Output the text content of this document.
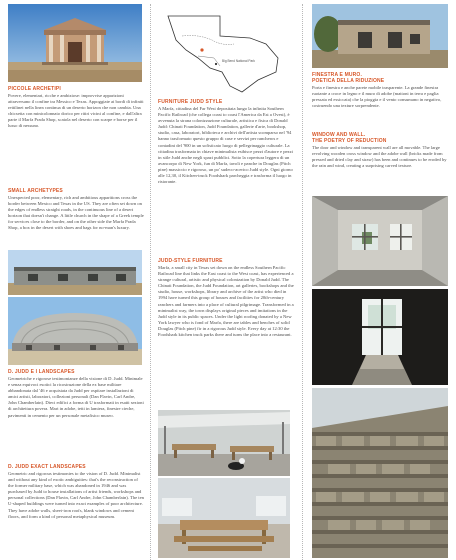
PICCOLE ARCHETIPI

Povere, elementari, ricche e ambiziose: improvvise apparizioni attraversano il confine tra Messico e Texas. Appoggiate ai bordi di infiniti rettilinei nella linea continua di un deserto horizon che non cambia. Una chicxetta con minicolonnato dorico per ritiri vicini al confine, e dall'altra parte il Marfa Prada Shop, scatola nel deserto con scarpe e borse per il lusso di nessuno.

SMALL ARCHETYPES

Unexpected poor, elementary, rich and ambitious apparitions cross the border between Mexico and Texas in the US. They are often set down on the edges of endless straight roads, in the continuous line of a desert horizon that doesn't change. A little church in the shape of a Greek temple for services close to the border, and on the other side the Marfa Prada Shop, a box in the desert with shoes and bags for no-man's luxury.

D. JUDD E I LANDSCAPES

Geometriche e rigorose testimonianze della visione di D. Judd. Minimale e senza equivoci esotici la ricostruzione della ex base militare abbandonata dal '46 e acquistata da Judd per ospitare installazioni di amici artisti, laboratori, collezioni personali (Dan Flavin, Carl Andre, John Chamberlain). Dieci edifici a forma di U trasformati in esatti sezioni di architettura povera. Mari in adobe, tetti in lamiera, finestre cieche, pavimenti in cemento per un personale metafisico museo.

D. JUDD EXACT LANDSCAPES

Geometric and rigorous testimonies to the vision of D. Judd. Minimalist and without any kind of exotic ambiguities: that's the reconstruction of the former military base, which was abandoned in 1946 and was purchased by Judd to house installations of artist friends, workshops and personal collections (Dan Flavin, Carl Andre, John Chamberlain). The ten U-shaped buildings were turned into exact examples of poor architecture. They have adobe walls, sheet-iron roofs, blank windows and cement floors, and form a kind of personal metaphysical museum.

Big Bend National Park
FURNITURE JUDD STYLE

A Marfa, cittadina del Far West depositata lungo la infinita Southern Pacific Railroad (che collega coast to coast l'America da Est a Ovest), è avvenuta la strana colonizzazione culturale, artistica e fisica di Donald Judd: Chinati Foundation, Judd Foundation, gallerie d'arte, bookshop, studio, casa, laboratori, biblioteca e archivi dell'artista scomparso nel '94 hanno trasformato questo gruppo di case e servizi per rancheros e contadini del '900 in un sofisticato luogo di pellegrinaggio culturale. La cittadina trasformata in chiave minimalista esibisce pezzi d'autore e pezzi in stile Judd anche negli spazi pubblici. Sotto la copertura leggera di un avancorpo di New York, fun di Marfa, tavoli e panche in Douglas (Pitch pine) massiccio e rigoroso, un po' sudeco-acerico Judd style. Ogni giorno alle 12,30, il Kitchen-truck Foodshark parcheggia e trasforma il luogo in ristorante.

JUDD-STYLE FURNITURE

Marfa, a small city in Texas set down on the endless Southern Pacific Railroad line that links the East coast to the West coast, has experienced a strange cultural, artistic and physical colonization by Donald Judd. The Chinati Foundation, the Judd Foundation, art galleries, bookshops and the studio, house, workshops, library and archive of the artist who died in 1994 have turned this group of houses and facilities for 20th-century ranchers and farmers into a place of cultural pilgrimage. Transformed in a minimalist way, the town displays original pieces and imitations in the Judd style in its public spaces. Under the light roofing donated by a New York lawyer who is fond of Marfa, there are tables and benches of solid Douglas (Pitch pine) fir in a rigorous Judd style. Every day at 12:30 the Foodshark kitchen truck parks there and turns the place into a restaurant.

FINESTRA E MURO.
POETICA DELLA RIDUZIONE

Porta e finestra e anche parete mobile trasparente. La grande finestra ruotante a croce in legno e il muro di adobe (mattoni in terra e paglia pressata ed essiccata) che la pioggia e il vento consumano in negativo, costruendo una texture sorprendente.

WINDOW AND WALL.
THE POETRY OF REDUCTION

The door and window and transparent wall are all movable. The large revolving wooden cross window and the adobe wall (bricks made from pressed and dried clay and straw) has been and continues to be eroded by the rain and wind, creating a surprising carved texture.
